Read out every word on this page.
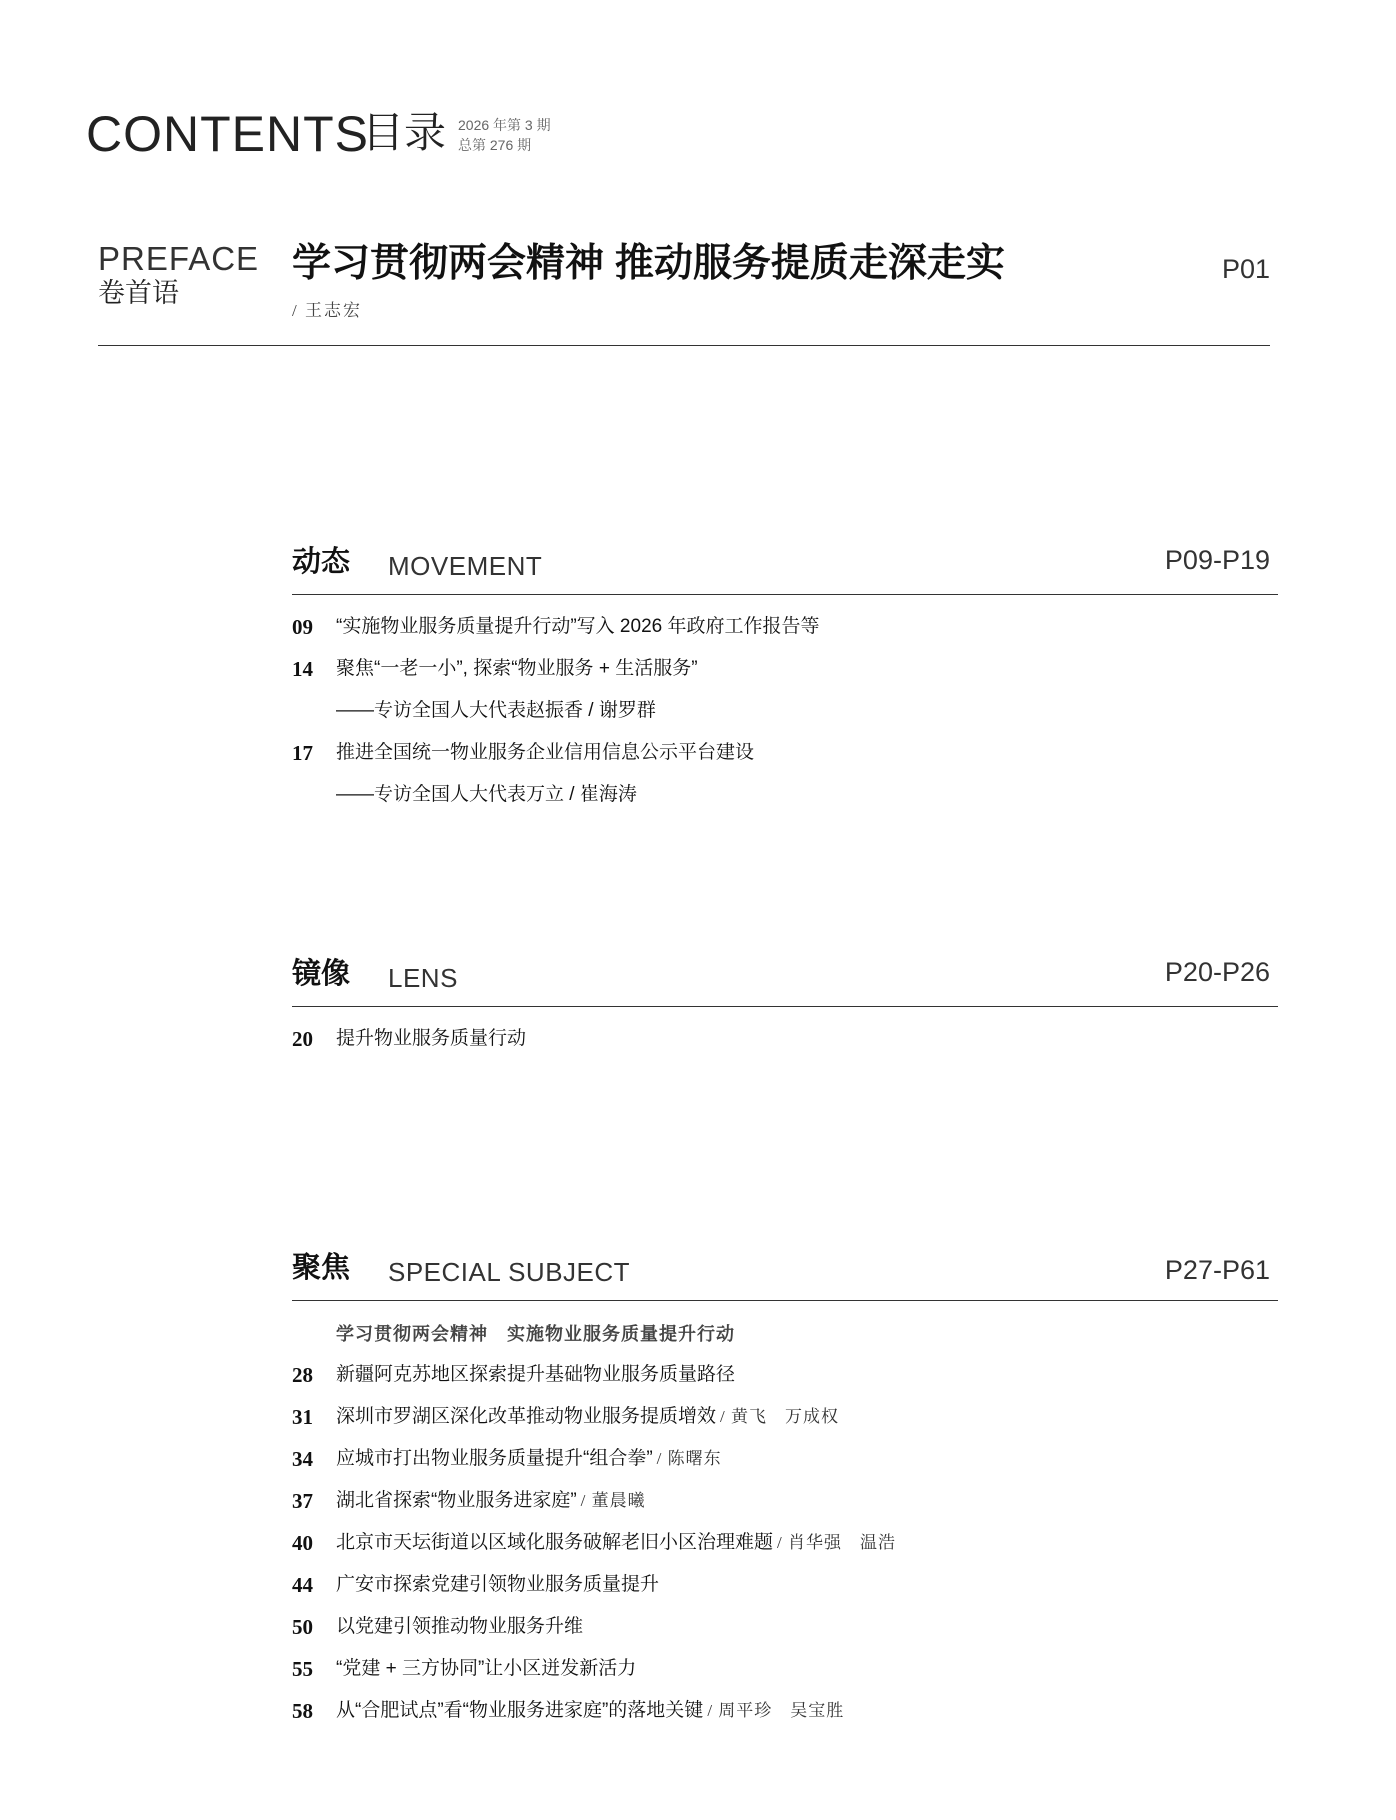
CONTENTS
目录 2026 年第 3 期
总第 276 期
PREFACE
卷首语
学习贯彻两会精神 推动服务提质走深走实
/ 王志宏
P01
动态 MOVEMENT	P09-P19
09	“实施物业服务质量提升行动”写入 2026 年政府工作报告等
14	聚焦“一老一小”, 探索“物业服务 + 生活服务”
——专访全国人大代表赵振香 / 谢罗群
17	推进全国统一物业服务企业信用信息公示平台建设
——专访全国人大代表万立 / 崔海涛
镜像 LENS	P20-P26
20	提升物业服务质量行动
聚焦 SPECIAL SUBJECT	P27-P61
学习贯彻两会精神　实施物业服务质量提升行动
28	新疆阿克苏地区探索提升基础物业服务质量路径
31	深圳市罗湖区深化改革推动物业服务提质增效 / 黄飞　万成权
34	应城市打出物业服务质量提升“组合拳” / 陈曙东
37	湖北省探索“物业服务进家庭” / 董晨曦
40	北京市天坛街道以区域化服务破解老旧小区治理难题 / 肖华强　温浩
44	广安市探索党建引领物业服务质量提升
50	以党建引领推动物业服务升维
55	“党建 + 三方协同”让小区迸发新活力
58	从“合肥试点”看“物业服务进家庭”的落地关键 / 周平珍　吴宝胜
